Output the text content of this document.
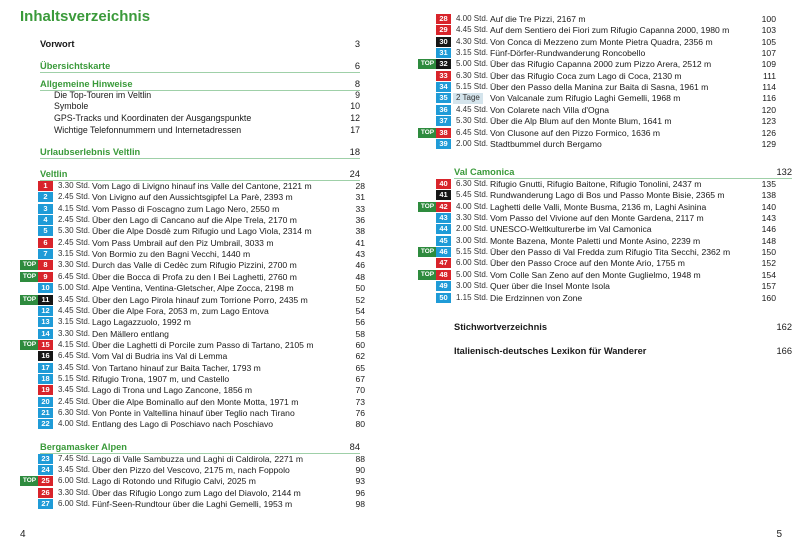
Inhaltsverzeichnis
Vorwort	3
Übersichtskarte	6
Allgemeine Hinweise	8
Die Top-Touren im Veltlin	9
Symbole	10
GPS-Tracks und Koordinaten der Ausgangspunkte	12
Wichtige Telefonnummern und Internetadressen	17
Urlaubserlebnis Veltlin	18
Veltlin	24
1	3.30 Std. Vom Lago di Livigno hinauf ins Valle del Cantone, 2121 m	28
2	2.45 Std. Von Livigno auf den Aussichtsgipfel La Parè, 2393 m	31
3	4.15 Std. Vom Passo di Foscagno zum Lago Nero, 2550 m	33
4	2.45 Std. Über den Lago di Cancano auf die Alpe Trela, 2170 m	36
5	5.30 Std. Über die Alpe Dosdè zum Rifugio und Lago Viola, 2314 m	38
6	2.45 Std. Vom Pass Umbrail auf den Piz Umbrail, 3033 m	41
7	3.15 Std. Von Bormio zu den Bagni Vecchi, 1440 m	43
TOP 8	3.30 Std. Durch das Valle di Cedèc zum Rifugio Pizzini, 2700 m	46
TOP 9	6.45 Std. Über die Bocca di Profa zu den I Bei Laghetti, 2760 m	48
10	5.00 Std. Alpe Ventina, Ventina-Gletscher, Alpe Zocca, 2198 m	50
TOP 11	3.45 Std. Über den Lago Pirola hinauf zum Torrione Porro, 2435 m	52
12	4.45 Std. Über die Alpe Fora, 2053 m, zum Lago Entova	54
13	3.15 Std. Lago Lagazzuolo, 1992 m	56
14	3.30 Std. Den Mällero entlang	58
TOP 15	4.15 Std. Über die Laghetti di Porcile zum Passo di Tartano, 2105 m	60
16	6.45 Std. Vom Val di Budria ins Val di Lemma	62
17	3.45 Std. Von Tartano hinauf zur Baita Tacher, 1793 m	65
18	5.15 Std. Rifugio Trona, 1907 m, und Castello	67
19	3.45 Std. Lago di Trona und Lago Zancone, 1856 m	70
20	2.45 Std. Über die Alpe Bominallo auf den Monte Motta, 1971 m	73
21	6.30 Std. Von Ponte in Valtellina hinauf über Teglio nach Tirano	76
22	4.00 Std. Entlang des Lago di Poschiavo nach Poschiavo	80
Bergamasker Alpen	84
23	7.45 Std. Lago di Valle Sambuzza und Laghi di Caldirola, 2271 m	88
24	3.45 Std. Über den Pizzo del Vescovo, 2175 m, nach Foppolo	90
TOP 25	6.00 Std. Lago di Rotondo und Rifugio Calvi, 2025 m	93
26	3.30 Std. Über das Rifugio Longo zum Lago del Diavolo, 2144 m	96
27	6.00 Std. Fünf-Seen-Rundtour über die Laghi Gemelli, 1953 m	98
4
28	4.00 Std. Auf die Tre Pizzi, 2167 m	100
29	4.45 Std. Auf dem Sentiero dei Fiori zum Rifugio Capanna 2000, 1980 m	103
30	4.30 Std. Von Conca di Mezzeno zum Monte Pietra Quadra, 2356 m	105
31	3.15 Std. Fünf-Dörfer-Rundwanderung Roncobello	107
TOP 32	5.00 Std. Über das Rifugio Capanna 2000 zum Pizzo Arera, 2512 m	109
33	6.30 Std. Über das Rifugio Coca zum Lago di Coca, 2130 m	111
34	5.15 Std. Über den Passo della Manina zur Baita di Sasna, 1961 m	114
35	2 Tage	Von Valcanale zum Rifugio Laghi Gemelli, 1968 m	116
36	4.45 Std. Von Colarete nach Villa d'Ogna	120
37	5.30 Std. Über die Alp Blum auf den Monte Blum, 1641 m	123
TOP 38	6.45 Std. Von Clusone auf den Pizzo Formico, 1636 m	126
39	2.00 Std. Stadtbummel durch Bergamo	129
Val Camonica	132
40	6.30 Std. Rifugio Gnutti, Rifugio Baitone, Rifugio Tonolini, 2437 m	135
41	5.45 Std. Rundwanderung Lago di Bos und Passo Monte Bisie, 2365 m	138
TOP 42	4.00 Std. Laghetti delle Valli, Monte Busma, 2136 m, Laghi Asinina	140
43	3.30 Std. Vom Passo del Vivione auf den Monte Gardena, 2117 m	143
44	2.00 Std. UNESCO-Weltkulturerbe im Val Camonica	146
45	3.00 Std. Monte Bazena, Monte Paletti und Monte Asino, 2239 m	148
TOP 46	5.15 Std. Über den Passo di Val Fredda zum Rifugio Tita Secchi, 2362 m	150
47	6.00 Std. Über den Passo Croce auf den Monte Ario, 1755 m	152
TOP 48	5.00 Std. Vom Colle San Zeno auf den Monte Guglielmo, 1948 m	154
49	3.00 Std. Quer über die Insel Monte Isola	157
50	1.15 Std. Die Erdzinnen von Zone	160
Stichwortverzeichnis	162
Italienisch-deutsches Lexikon für Wanderer	166
5
